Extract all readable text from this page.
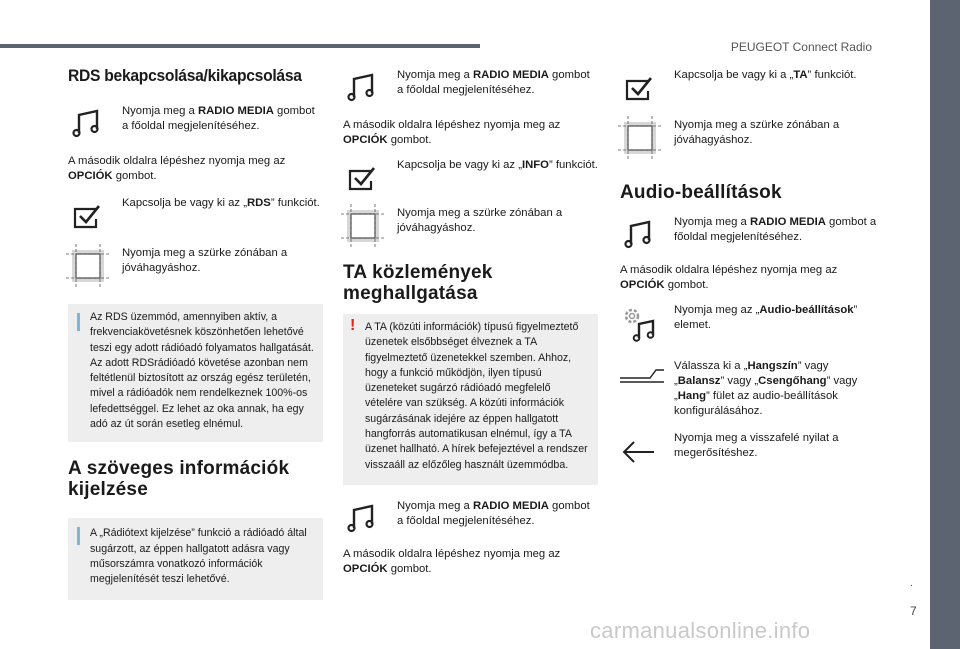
PEUGEOT Connect Radio
RDS bekapcsolása/kikapcsolása
Nyomja meg a RADIO MEDIA gombot a főoldal megjelenítéséhez.
A második oldalra lépéshez nyomja meg az OPCIÓK gombot.
Kapcsolja be vagy ki az „RDS” funkciót.
Nyomja meg a szürke zónában a jóváhagyáshoz.
Az RDS üzemmód, amennyiben aktív, a frekvenciakövetésnek köszönhetően lehetővé teszi egy adott rádióadó folyamatos hallgatását. Az adott RDSrádióadó követése azonban nem feltétlenül biztosított az ország egész területén, mivel a rádióadók nem rendelkeznek 100%-os lefedettséggel. Ez lehet az oka annak, ha egy adó az út során esetleg elnémul.
A szöveges információk kijelzése
A „Rádiótext kijelzése” funkció a rádióadó által sugárzott, az éppen hallgatott adásra vagy műsorszámra vonatkozó információk megjelenítését teszi lehetővé.
Nyomja meg a RADIO MEDIA gombot a főoldal megjelenítéséhez.
A második oldalra lépéshez nyomja meg az OPCIÓK gombot.
Kapcsolja be vagy ki az „INFO” funkciót.
Nyomja meg a szürke zónában a jóváhagyáshoz.
TA közlemények meghallgatása
! A TA (közúti információk) típusú figyelmeztető üzenetek elsőbbséget élveznek a TA figyelmeztető üzenetekkel szemben. Ahhoz, hogy a funkció működjön, ilyen típusú üzeneteket sugárzó rádióadó megfelelő vételére van szükség. A közúti információk sugárzásának idejére az éppen hallgatott hangforrás automatikusan elnémul, így a TA üzenet hallható. A hírek befejeztével a rendszer visszaáll az előzőleg használt üzemmódba.
Nyomja meg a RADIO MEDIA gombot a főoldal megjelenítéséhez.
A második oldalra lépéshez nyomja meg az OPCIÓK gombot.
Kapcsolja be vagy ki a „TA” funkciót.
Nyomja meg a szürke zónában a jóváhagyáshoz.
Audio-beállítások
Nyomja meg a RADIO MEDIA gombot a főoldal megjelenítéséhez.
A második oldalra lépéshez nyomja meg az OPCIÓK gombot.
Nyomja meg az „Audio-beállítások” elemet.
Válassza ki a „Hangszín” vagy „Balansz” vagy „Csengőhang” vagy „Hang” fület az audio-beállítások konfigurálásához.
Nyomja meg a visszafelé nyilat a megerősítéshez.
.
7
carmanualsonline.info
